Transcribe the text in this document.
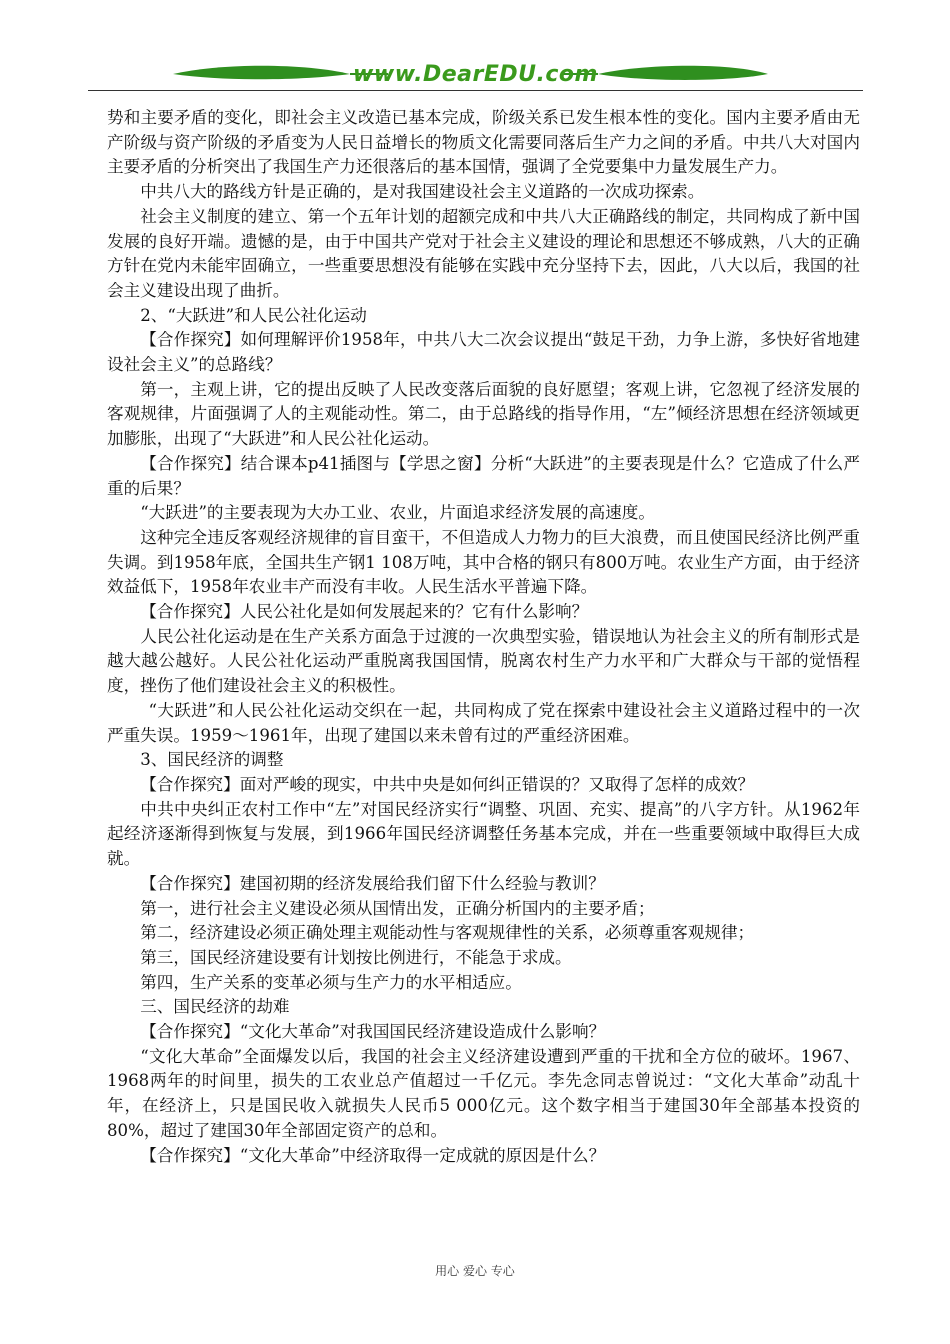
www.DearEDU.com

势和主要矛盾的变化，即社会主义改造已基本完成，阶级关系已发生根本性的变化。国内主要矛盾由无产阶级与资产阶级的矛盾变为人民日益增长的物质文化需要同落后生产力之间的矛盾。中共八大对国内主要矛盾的分析突出了我国生产力还很落后的基本国情，强调了全党要集中力量发展生产力。

中共八大的路线方针是正确的，是对我国建设社会主义道路的一次成功探索。

社会主义制度的建立、第一个五年计划的超额完成和中共八大正确路线的制定，共同构成了新中国发展的良好开端。遗憾的是，由于中国共产党对于社会主义建设的理论和思想还不够成熟，八大的正确方针在党内未能牢固确立，一些重要思想没有能够在实践中充分坚持下去，因此，八大以后，我国的社会主义建设出现了曲折。

2、“大跃进”和人民公社化运动

【合作探究】如何理解评价1958年，中共八大二次会议提出“鼓足干劲，力争上游，多快好省地建设社会主义”的总路线？

第一，主观上讲，它的提出反映了人民改变落后面貌的良好愿望；客观上讲，它忽视了经济发展的客观规律，片面强调了人的主观能动性。第二，由于总路线的指导作用，“左”倾经济思想在经济领域更加膨胀，出现了“大跃进”和人民公社化运动。

【合作探究】结合课本p41插图与【学思之窗】分析“大跃进”的主要表现是什么？它造成了什么严重的后果？

“大跃进”的主要表现为大办工业、农业，片面追求经济发展的高速度。

这种完全违反客观经济规律的盲目蛮干，不但造成人力物力的巨大浪费，而且使国民经济比例严重失调。到1958年底，全国共生产钢1 108万吨，其中合格的钢只有800万吨。农业生产方面，由于经济效益低下，1958年农业丰产而没有丰收。人民生活水平普遍下降。

【合作探究】人民公社化是如何发展起来的？它有什么影响？

人民公社化运动是在生产关系方面急于过渡的一次典型实验，错误地认为社会主义的所有制形式是越大越公越好。人民公社化运动严重脱离我国国情，脱离农村生产力水平和广大群众与干部的觉悟程度，挫伤了他们建设社会主义的积极性。

“大跃进”和人民公社化运动交织在一起，共同构成了党在探索中建设社会主义道路过程中的一次严重失误。1959～1961年，出现了建国以来未曾有过的严重经济困难。

3、国民经济的调整

【合作探究】面对严峻的现实，中共中央是如何纠正错误的？又取得了怎样的成效？

中共中央纠正农村工作中“左”对国民经济实行“调整、巩固、充实、提高”的八字方针。从1962年起经济逐渐得到恢复与发展，到1966年国民经济调整任务基本完成，并在一些重要领域中取得巨大成就。

【合作探究】建国初期的经济发展给我们留下什么经验与教训？

第一，进行社会主义建设必须从国情出发，正确分析国内的主要矛盾；

第二，经济建设必须正确处理主观能动性与客观规律性的关系，必须尊重客观规律；

第三，国民经济建设要有计划按比例进行，不能急于求成。

第四，生产关系的变革必须与生产力的水平相适应。

三、国民经济的劫难

【合作探究】“文化大革命”对我国国民经济建设造成什么影响？

“文化大革命”全面爆发以后，我国的社会主义经济建设遭到严重的干扰和全方位的破坏。1967、1968两年的时间里，损失的工农业总产值超过一千亿元。李先念同志曾说过：“文化大革命”动乱十年，在经济上，只是国民收入就损失人民币5 000亿元。这个数字相当于建国30年全部基本投资的80%，超过了建国30年全部固定资产的总和。

【合作探究】“文化大革命”中经济取得一定成就的原因是什么？

用心 爱心 专心
